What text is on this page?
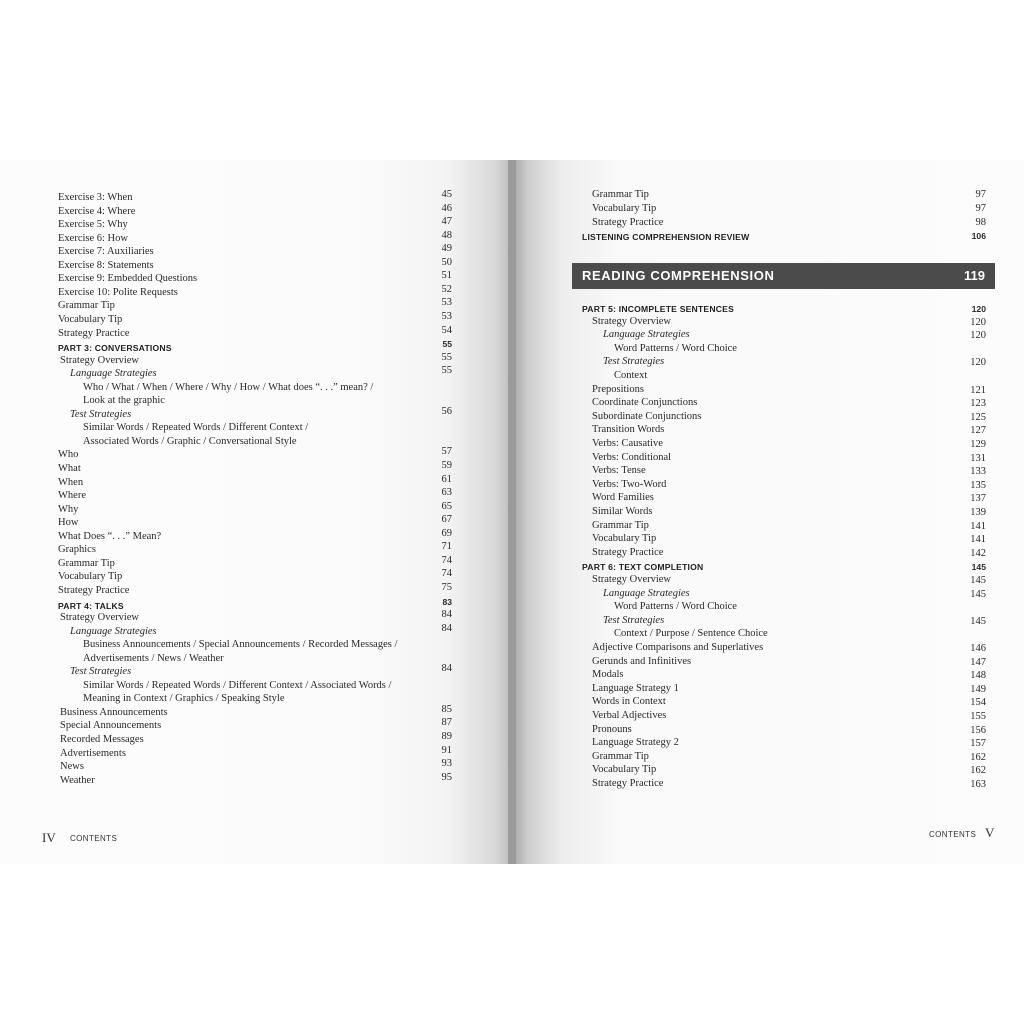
Exercise 3: When	45
Exercise 4: Where	46
Exercise 5: Why	47
Exercise 6: How	48
Exercise 7: Auxiliaries	49
Exercise 8: Statements	50
Exercise 9: Embedded Questions	51
Exercise 10: Polite Requests	52
Grammar Tip	53
Vocabulary Tip	53
Strategy Practice	54
PART 3: CONVERSATIONS	55
Strategy Overview	55
Language Strategies	55
Who / What / When / Where / Why / How / What does “. . .” mean? /
Look at the graphic
Test Strategies	56
Similar Words / Repeated Words / Different Context /
Associated Words / Graphic / Conversational Style
Who	57
What	59
When	61
Where	63
Why	65
How	67
What Does “. . .” Mean?	69
Graphics	71
Grammar Tip	74
Vocabulary Tip	74
Strategy Practice	75
PART 4: TALKS	83
Strategy Overview	84
Language Strategies	84
Business Announcements / Special Announcements / Recorded Messages /
Advertisements / News / Weather
Test Strategies	84
Similar Words / Repeated Words / Different Context / Associated Words /
Meaning in Context / Graphics / Speaking Style
Business Announcements	85
Special Announcements	87
Recorded Messages	89
Advertisements	91
News	93
Weather	95
Grammar Tip	97
Vocabulary Tip	97
Strategy Practice	98
LISTENING COMPREHENSION REVIEW	106
READING COMPREHENSION	119
PART 5: INCOMPLETE SENTENCES	120
Strategy Overview	120
Language Strategies	120
Word Patterns / Word Choice
Test Strategies	120
Context
Prepositions	121
Coordinate Conjunctions	123
Subordinate Conjunctions	125
Transition Words	127
Verbs: Causative	129
Verbs: Conditional	131
Verbs: Tense	133
Verbs: Two-Word	135
Word Families	137
Similar Words	139
Grammar Tip	141
Vocabulary Tip	141
Strategy Practice	142
PART 6: TEXT COMPLETION	145
Strategy Overview	145
Language Strategies	145
Word Patterns / Word Choice
Test Strategies	145
Context / Purpose / Sentence Choice
Adjective Comparisons and Superlatives	146
Gerunds and Infinitives	147
Modals	148
Language Strategy 1	149
Words in Context	154
Verbal Adjectives	155
Pronouns	156
Language Strategy 2	157
Grammar Tip	162
Vocabulary Tip	162
Strategy Practice	163
IV CONTENTS	CONTENTS V
